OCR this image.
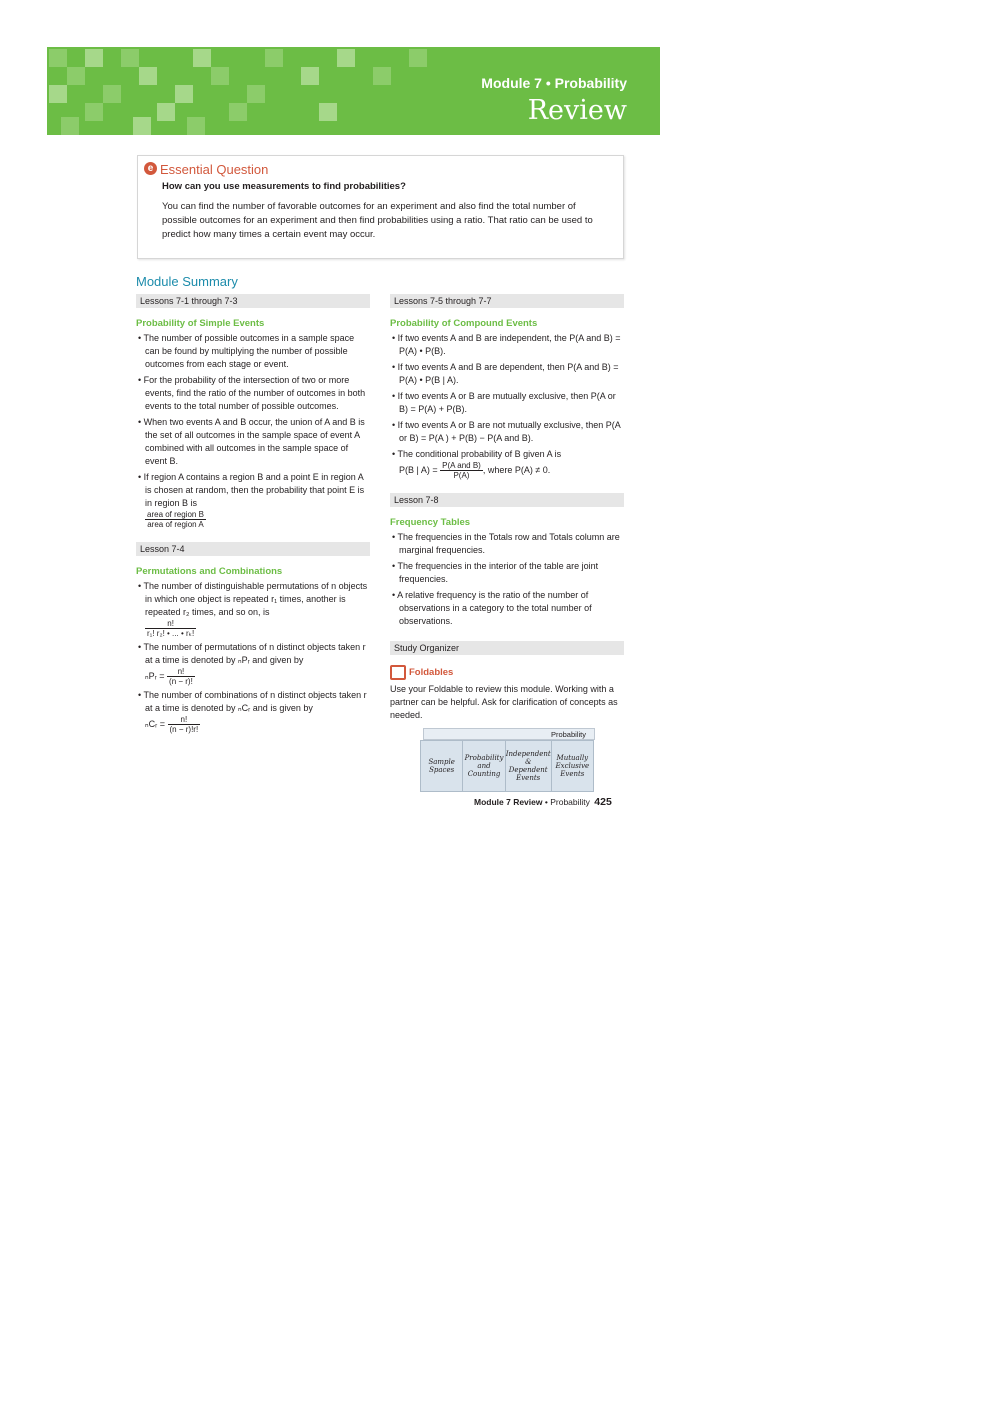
Module 7 • Probability
Review
e Essential Question
How can you use measurements to find probabilities?

You can find the number of favorable outcomes for an experiment and also find the total number of possible outcomes for an experiment and then find probabilities using a ratio. That ratio can be used to predict how many times a certain event may occur.

Module Summary
Lessons 7-1 through 7-3
Probability of Simple Events
• The number of possible outcomes in a sample space can be found by multiplying the number of possible outcomes from each stage or event.
• For the probability of the intersection of two or more events, find the ratio of the number of outcomes in both events to the total number of possible outcomes.
• When two events A and B occur, the union of A and B is the set of all outcomes in the sample space of event A combined with all outcomes in the sample space of event B.
• If region A contains a region B and a point E in region A is chosen at random, then the probability that point E is in region B is

$\frac{\text{area of region B}}{\text{area of region A}}$
Lesson 7-4
Permutations and Combinations
• The number of distinguishable permutations of n objects in which one object is repeated r₁ times, another is repeated r₂ times, and so on, is

$\frac{n!}{\text{r₁! r₂! • ... • rₖ!}}$
• The number of permutations of n distinct objects taken r at a time is denoted by ₙPᵣ and given by
ₙPᵣ = $\frac{n!}{(n - r)!}$
• The number of combinations of n distinct objects taken r at a time is denoted by ₙCᵣ and is given by
ₙCᵣ = $\frac{n!}{(n - r)!r!}$
Lessons 7-5 through 7-7
Probability of Compound Events
• If two events A and B are independent, the P(A and B) = P(A) • P(B).
• If two events A and B are dependent, then P(A and B) = P(A) • P(B | A).
• If two events A or B are mutually exclusive, then P(A or B) = P(A) + P(B).
• If two events A or B are not mutually exclusive, then P(A or B) = P(A ) + P(B) − P(A and B).
• The conditional probability of B given A is
P(B | $A) = \frac{\text{P(A and B)}}{P(A)}$ , where P(A) ≠ 0.
Lesson 7-8
Frequency Tables
• The frequencies in the Totals row and Totals column are marginal frequencies.
• The frequencies in the interior of the table are joint frequencies.
• A relative frequency is the ratio of the number of observations in a category to the total number of observations.
Study Organizer
Foldables

Use your Foldable to review this module. Working with a partner can be helpful. Ask for clarification of concepts as needed.

Probability
Sample Spaces
Probability and Counting
Independent & Dependent Events
Mutually Exclusive Events
Module 7 Review • Probability 425
